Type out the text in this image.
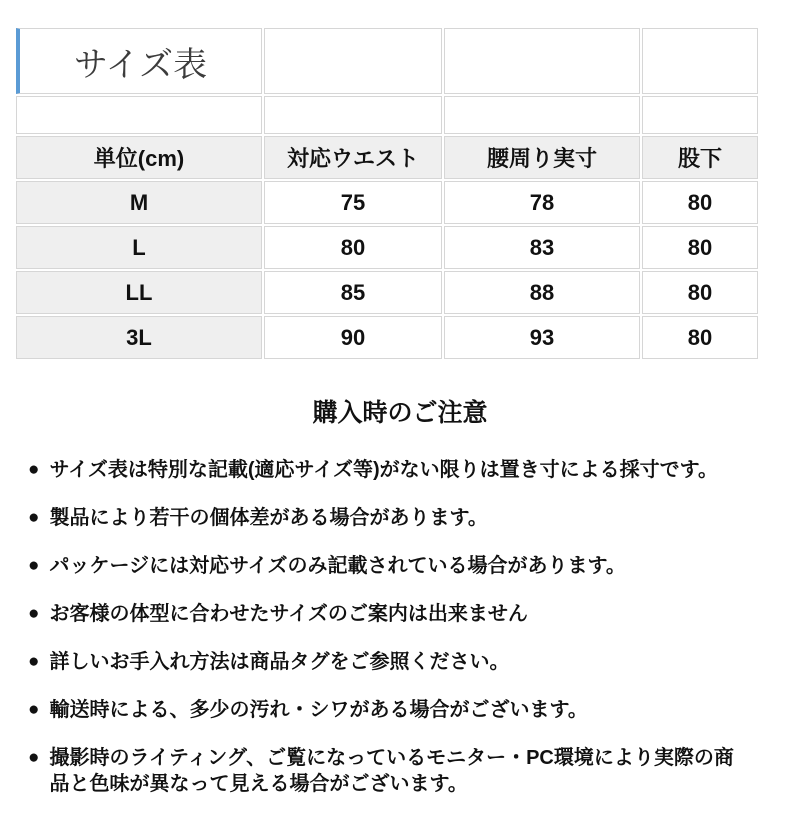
サイズ表			

単位(cm)	対応ウエスト	腰周り実寸	股下
M	75	78	80
L	80	83	80
LL	85	88	80
3L	90	93	80
購入時のご注意
● サイズ表は特別な記載(適応サイズ等)がない限りは置き寸による採寸です。
● 製品により若干の個体差がある場合があります。
● パッケージには対応サイズのみ記載されている場合があります。
● お客様の体型に合わせたサイズのご案内は出来ません
● 詳しいお手入れ方法は商品タグをご参照ください。
● 輸送時による、多少の汚れ・シワがある場合がございます。
● 撮影時のライティング、ご覧になっているモニター・PC環境により実際の商品と色味が異なって見える場合がございます。
